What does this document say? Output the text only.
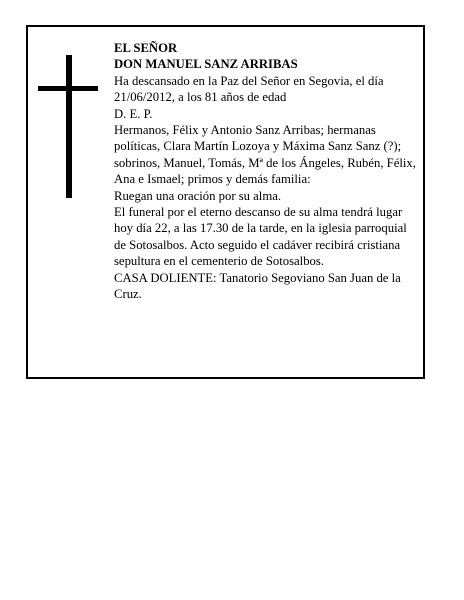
EL SEÑOR

DON MANUEL SANZ ARRIBAS

Ha descansado en la Paz del Señor en Segovia, el día 21/06/2012, a los 81 años de edad

D. E. P.

Hermanos, Félix y Antonio Sanz Arribas; hermanas políticas, Clara Martín Lozoya y Máxima Sanz Sanz (?); sobrinos, Manuel, Tomás, Mª de los Ángeles, Rubén, Félix, Ana e Ismael; primos y demás familia:

Ruegan una oración por su alma.

El funeral por el eterno descanso de su alma tendrá lugar hoy día 22, a las 17.30 de la tarde, en la iglesia parroquial de Sotosalbos. Acto seguido el cadáver recibirá cristiana sepultura en el cementerio de Sotosalbos.

CASA DOLIENTE: Tanatorio Segoviano San Juan de la Cruz.
